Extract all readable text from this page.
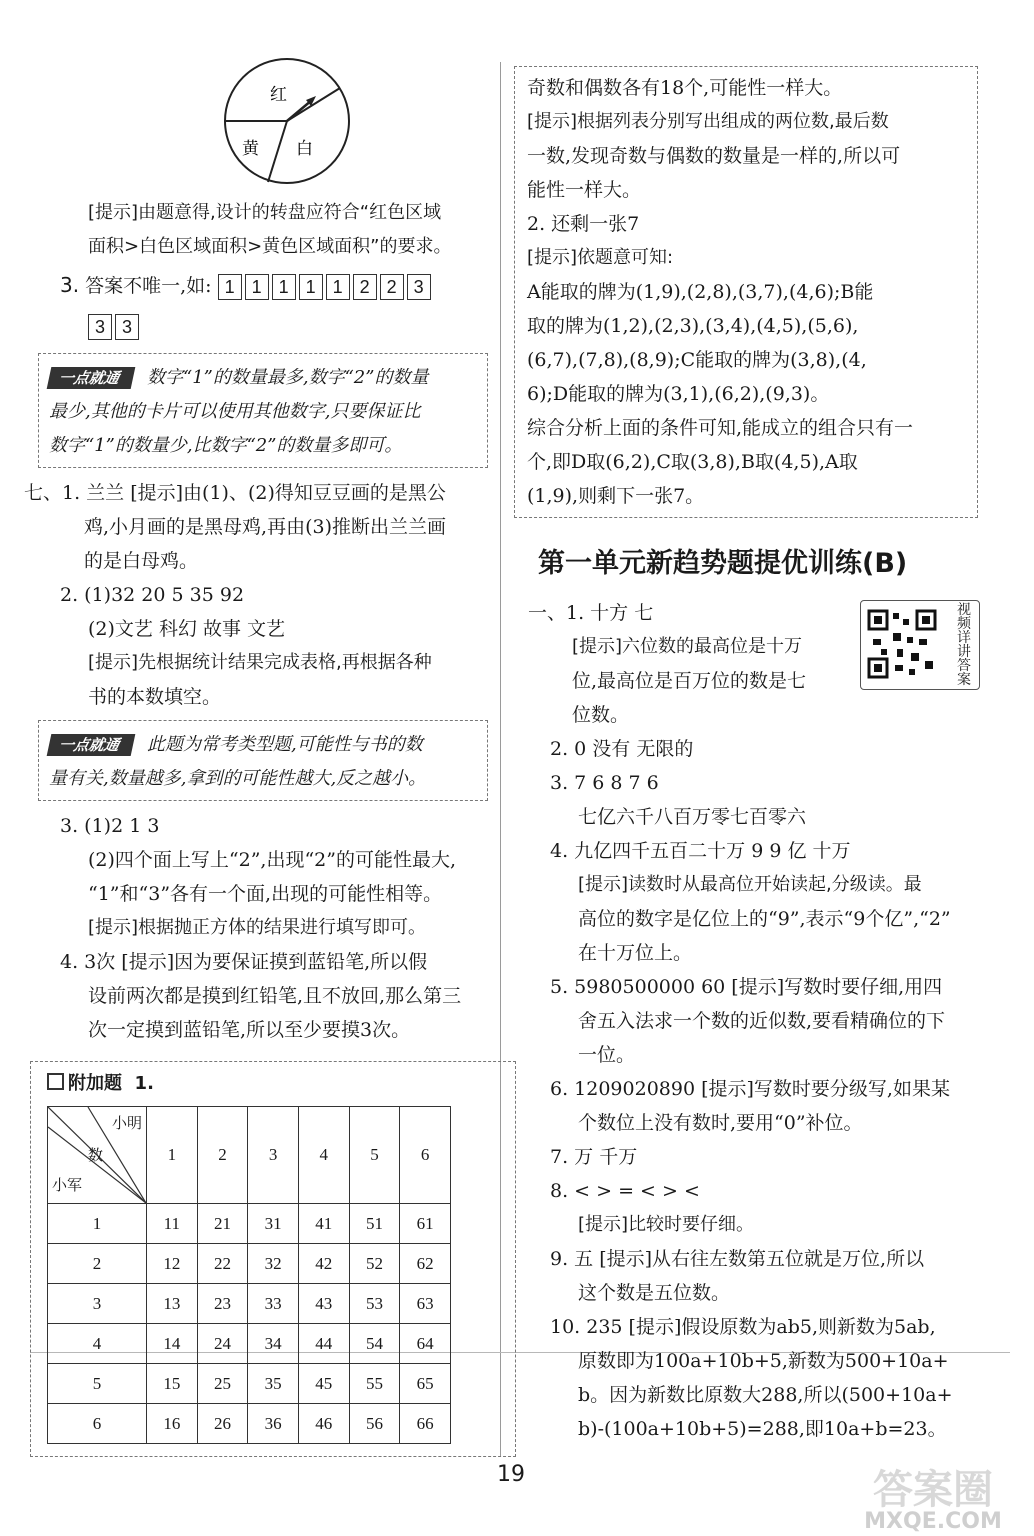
红
黄 白
[提示]由题意得,设计的转盘应符合“红色区域
面积>白色区域面积>黄色区域面积”的要求。
3. 答案不唯一,如: 1 1 1 1 1 2 2 3
3 3
一点就通 数字“1”的数量最多,数字“2”的数量
最少,其他的卡片可以使用其他数字,只要保证比
数字“1”的数量少,比数字“2”的数量多即可。
七、1. 兰兰 [提示]由(1)、(2)得知豆豆画的是黑公
鸡,小月画的是黑母鸡,再由(3)推断出兰兰画
的是白母鸡。
2. (1)32 20 5 35 92
(2)文艺 科幻 故事 文艺
[提示]先根据统计结果完成表格,再根据各种
书的本数填空。
一点就通 此题为常考类型题,可能性与书的数
量有关,数量越多,拿到的可能性越大,反之越小。
3. (1)2 1 3
(2)四个面上写上“2”,出现“2”的可能性最大,
“1”和“3”各有一个面,出现的可能性相等。
[提示]根据抛正方体的结果进行填写即可。
4. 3次 [提示]因为要保证摸到蓝铅笔,所以假
设前两次都是摸到红铅笔,且不放回,那么第三
次一定摸到蓝铅笔,所以至少要摸3次。
附加题 1.
小明
数
小军	1	2	3	4	5	6
1	11	21	31	41	51	61
2	12	22	32	42	52	62
3	13	23	33	43	53	63
4	14	24	34	44	54	64
5	15	25	35	45	55	65
6	16	26	36	46	56	66
奇数和偶数各有18个,可能性一样大。
[提示]根据列表分别写出组成的两位数,最后数
一数,发现奇数与偶数的数量是一样的,所以可
能性一样大。
2. 还剩一张7
[提示]依题意可知:
A能取的牌为(1,9),(2,8),(3,7),(4,6);B能
取的牌为(1,2),(2,3),(3,4),(4,5),(5,6),
(6,7),(7,8),(8,9);C能取的牌为(3,8),(4,
6);D能取的牌为(3,1),(6,2),(9,3)。
综合分析上面的条件可知,能成立的组合只有一
个,即D取(6,2),C取(3,8),B取(4,5),A取
(1,9),则剩下一张7。
第一单元新趋势题提优训练(B)
一、1. 十方 七
[提示]六位数的最高位是十万
位,最高位是百万位的数是七
位数。
2. 0 没有 无限的
3. 7 6 8 7 6
七亿六千八百万零七百零六
4. 九亿四千五百二十万 9 9 亿 十万
[提示]读数时从最高位开始读起,分级读。最
高位的数字是亿位上的“9”,表示“9个亿”,“2”
在十万位上。
5. 5980500000 60 [提示]写数时要仔细,用四
舍五入法求一个数的近似数,要看精确位的下
一位。
6. 1209020890 [提示]写数时要分级写,如果某
个数位上没有数时,要用“0”补位。
7. 万 千万
8. < > = < > <
[提示]比较时要仔细。
9. 五 [提示]从右往左数第五位就是万位,所以
这个数是五位数。
10. 235 [提示]假设原数为ab5,则新数为5ab,
原数即为100a+10b+5,新数为500+10a+
b。因为新数比原数大288,所以(500+10a+
b)-(100a+10b+5)=288,即10a+b=23。
视频详讲答案
19	答案圈
MXQE.COM
